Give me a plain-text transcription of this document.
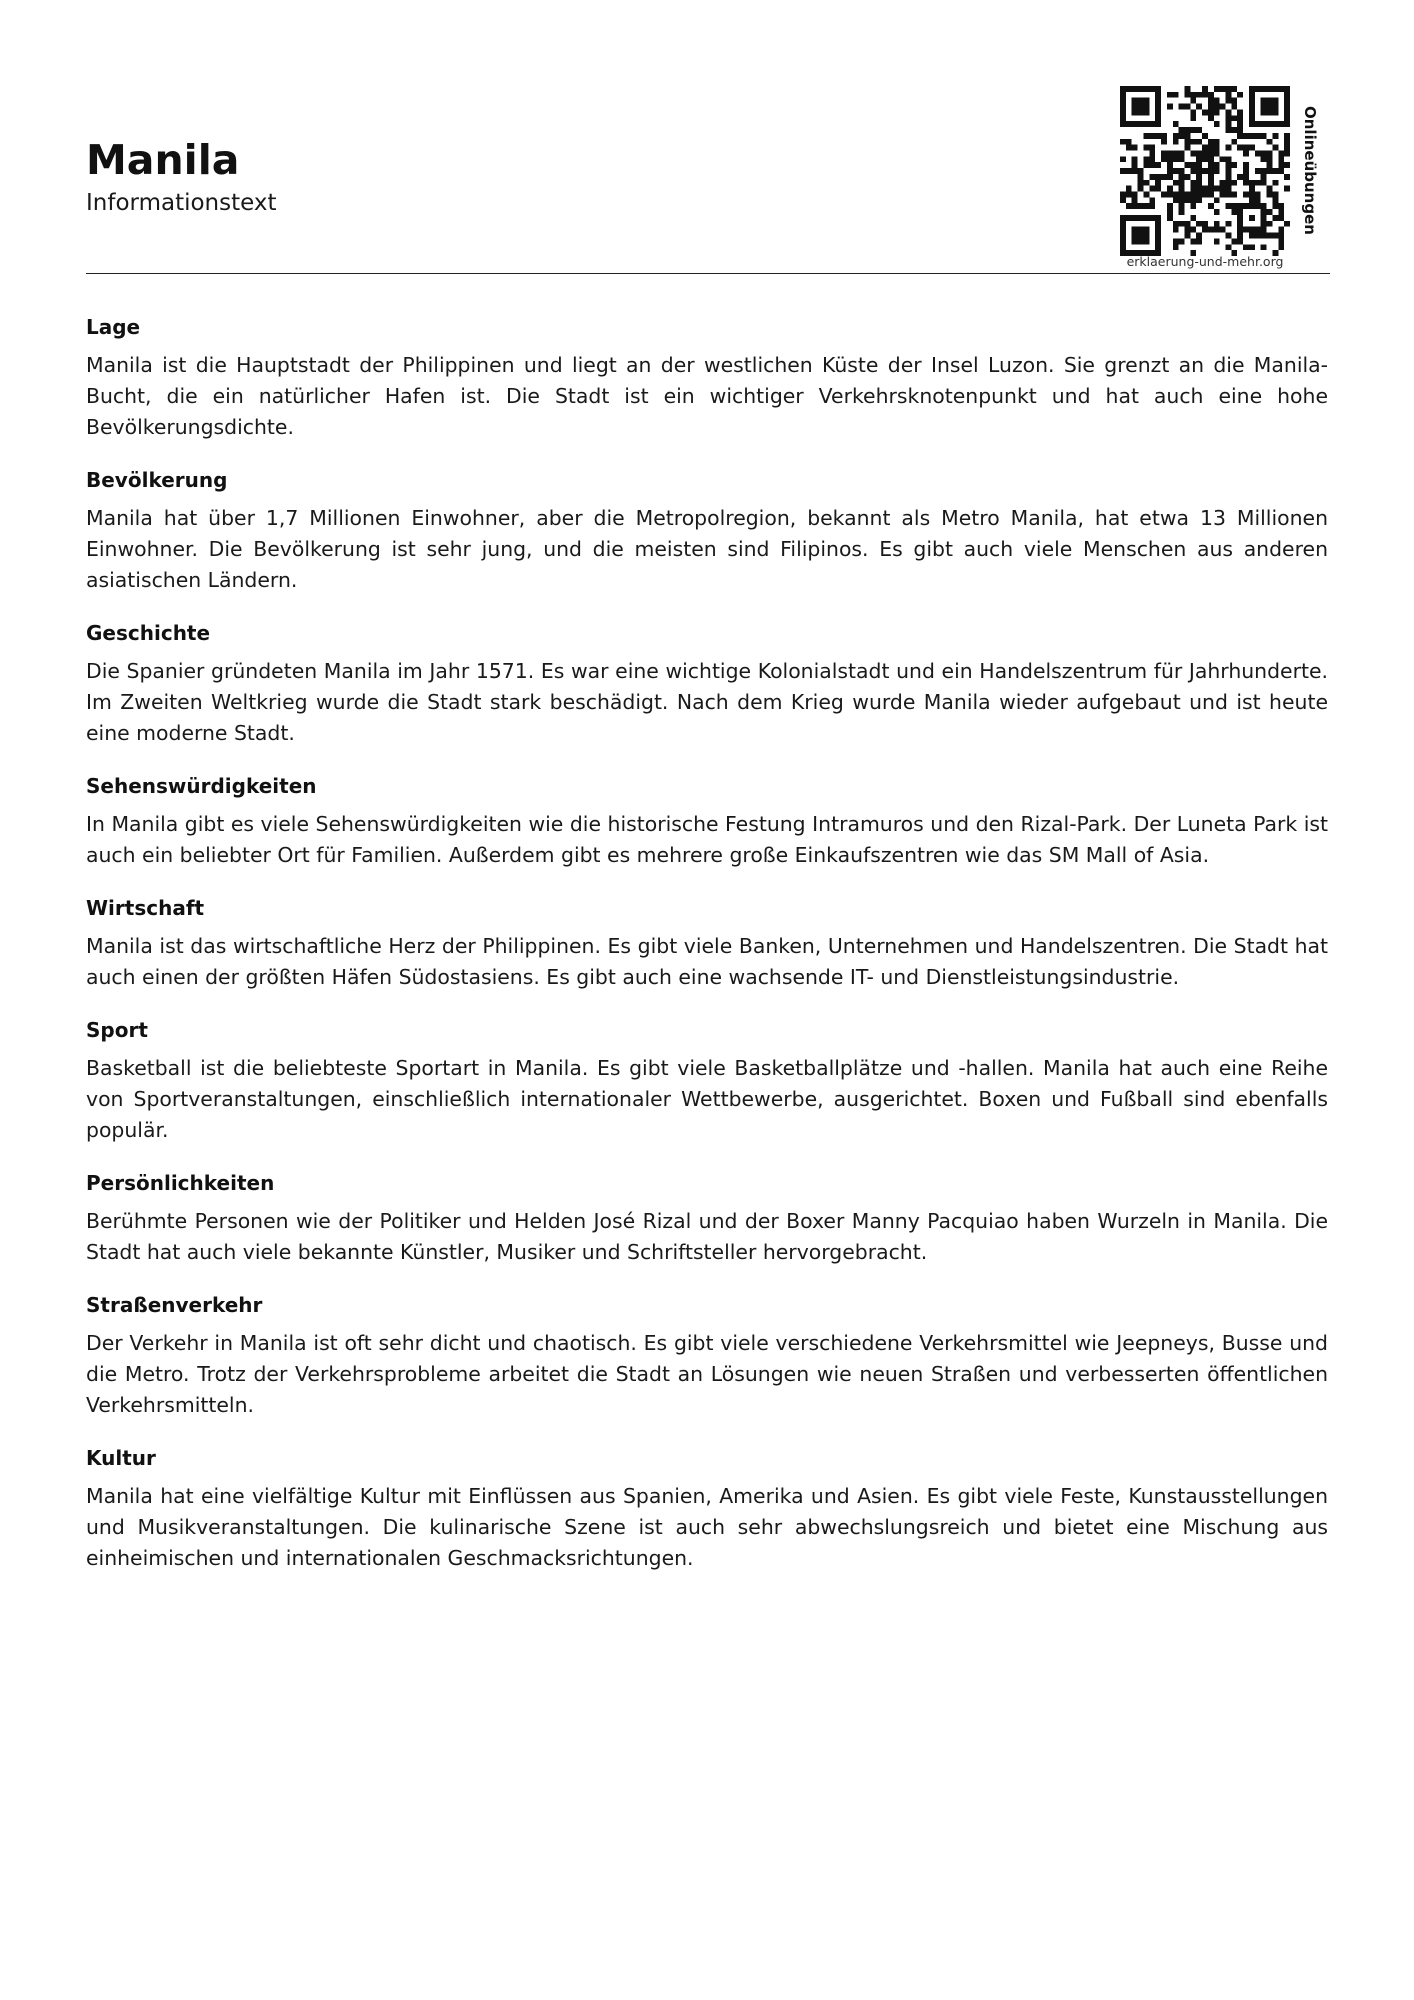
Manila

Informationstext

erklaerung-und-mehr.org
Onlineübungen
Lage

Manila ist die Hauptstadt der Philippinen und liegt an der westlichen Küste der Insel Luzon. Sie grenzt an die Manila-Bucht, die ein natürlicher Hafen ist. Die Stadt ist ein wichtiger Verkehrsknotenpunkt und hat auch eine hohe Bevölkerungsdichte.

Bevölkerung

Manila hat über 1,7 Millionen Einwohner, aber die Metropolregion, bekannt als Metro Manila, hat etwa 13 Millionen Einwohner. Die Bevölkerung ist sehr jung, und die meisten sind Filipinos. Es gibt auch viele Menschen aus anderen asiatischen Ländern.

Geschichte

Die Spanier gründeten Manila im Jahr 1571. Es war eine wichtige Kolonialstadt und ein Handelszentrum für Jahrhunderte. Im Zweiten Weltkrieg wurde die Stadt stark beschädigt. Nach dem Krieg wurde Manila wieder aufgebaut und ist heute eine moderne Stadt.

Sehenswürdigkeiten

In Manila gibt es viele Sehenswürdigkeiten wie die historische Festung Intramuros und den Rizal-Park. Der Luneta Park ist auch ein beliebter Ort für Familien. Außerdem gibt es mehrere große Einkaufszentren wie das SM Mall of Asia.

Wirtschaft

Manila ist das wirtschaftliche Herz der Philippinen. Es gibt viele Banken, Unternehmen und Handelszentren. Die Stadt hat auch einen der größten Häfen Südostasiens. Es gibt auch eine wachsende IT- und Dienstleistungsindustrie.

Sport

Basketball ist die beliebteste Sportart in Manila. Es gibt viele Basketballplätze und -hallen. Manila hat auch eine Reihe von Sportveranstaltungen, einschließlich internationaler Wettbewerbe, ausgerichtet. Boxen und Fußball sind ebenfalls populär.

Persönlichkeiten

Berühmte Personen wie der Politiker und Helden José Rizal und der Boxer Manny Pacquiao haben Wurzeln in Manila. Die Stadt hat auch viele bekannte Künstler, Musiker und Schriftsteller hervorgebracht.

Straßenverkehr

Der Verkehr in Manila ist oft sehr dicht und chaotisch. Es gibt viele verschiedene Verkehrsmittel wie Jeepneys, Busse und die Metro. Trotz der Verkehrsprobleme arbeitet die Stadt an Lösungen wie neuen Straßen und verbesserten öffentlichen Verkehrsmitteln.

Kultur

Manila hat eine vielfältige Kultur mit Einflüssen aus Spanien, Amerika und Asien. Es gibt viele Feste, Kunstausstellungen und Musikveranstaltungen. Die kulinarische Szene ist auch sehr abwechslungsreich und bietet eine Mischung aus einheimischen und internationalen Geschmacksrichtungen.
